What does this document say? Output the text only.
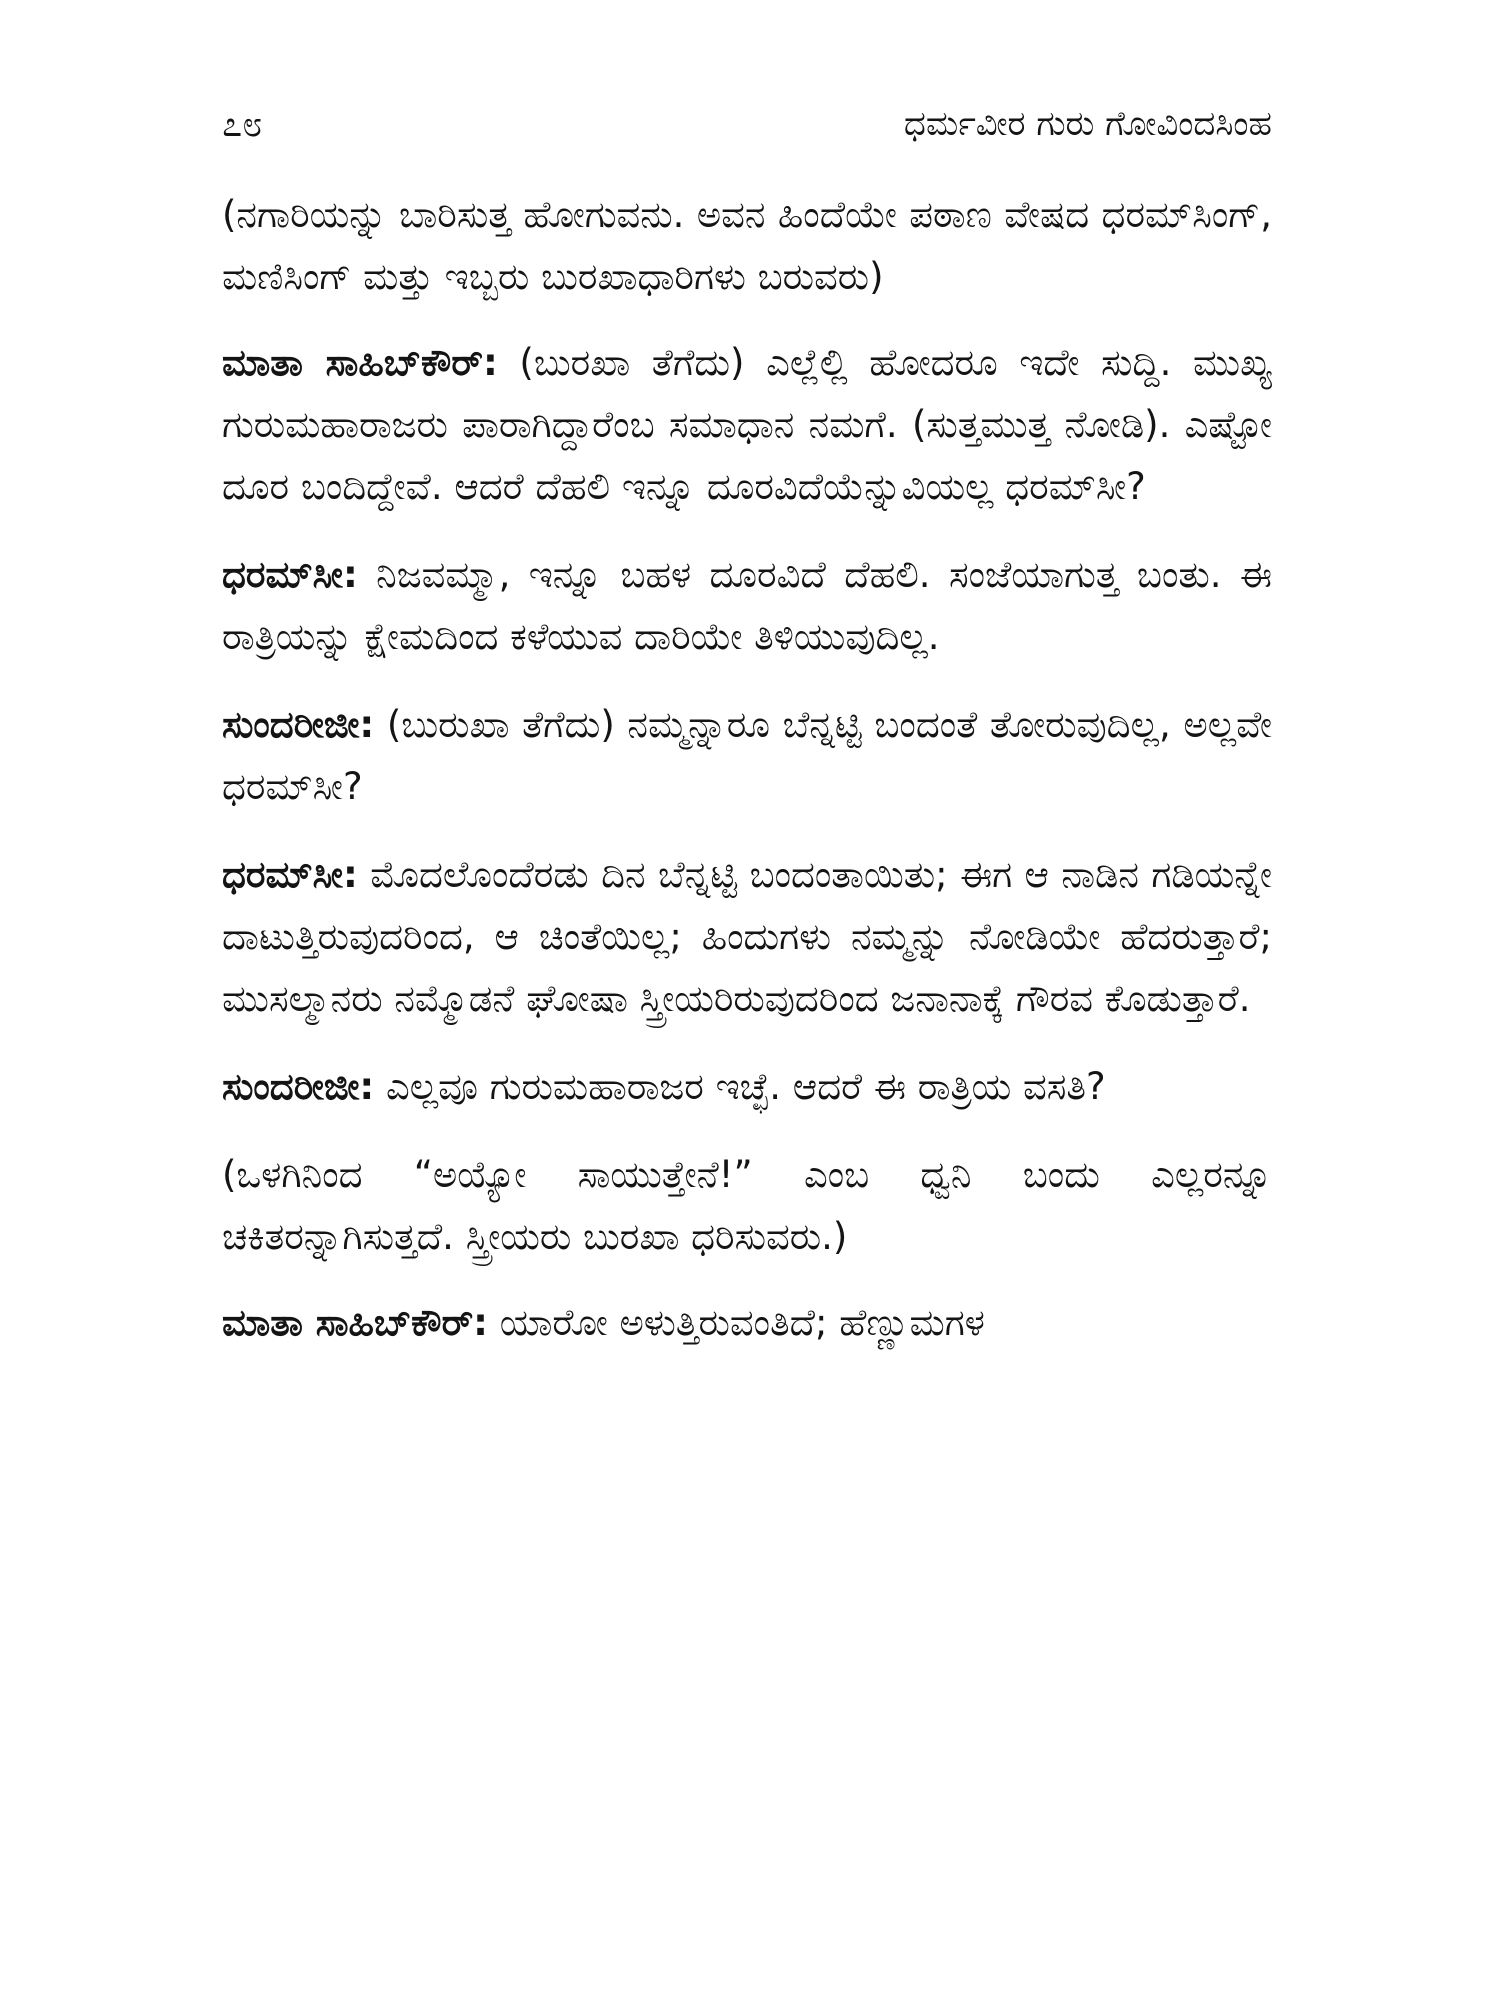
೭೮	ಧರ್ಮವೀರ ಗುರು ಗೋವಿಂದಸಿಂಹ

(ನಗಾರಿಯನ್ನು ಬಾರಿಸುತ್ತ ಹೋಗುವನು. ಅವನ ಹಿಂದೆಯೇ ಪಠಾಣ ವೇಷದ ಧರಮ್‌ಸಿಂಗ್, ಮಣಿಸಿಂಗ್ ಮತ್ತು ಇಬ್ಬರು ಬುರಖಾಧಾರಿಗಳು ಬರುವರು)

ಮಾತಾ ಸಾಹಿಬ್‌ಕೌರ್: (ಬುರಖಾ ತೆಗೆದು) ಎಲ್ಲೆಲ್ಲಿ ಹೋದರೂ ಇದೇ ಸುದ್ದಿ. ಮುಖ್ಯ ಗುರುಮಹಾರಾಜರು ಪಾರಾಗಿದ್ದಾರೆಂಬ ಸಮಾಧಾನ ನಮಗೆ. (ಸುತ್ತಮುತ್ತ ನೋಡಿ). ಎಷ್ಟೋ ದೂರ ಬಂದಿದ್ದೇವೆ. ಆದರೆ ದೆಹಲಿ ಇನ್ನೂ ದೂರವಿದೆಯೆನ್ನುವಿಯಲ್ಲ ಧರಮ್‌ಸೀ?

ಧರಮ್‌ಸೀ: ನಿಜವಮ್ಮಾ, ಇನ್ನೂ ಬಹಳ ದೂರವಿದೆ ದೆಹಲಿ. ಸಂಜೆಯಾಗುತ್ತ ಬಂತು. ಈ ರಾತ್ರಿಯನ್ನು ಕ್ಷೇಮದಿಂದ ಕಳೆಯುವ ದಾರಿಯೇ ತಿಳಿಯುವುದಿಲ್ಲ.

ಸುಂದರೀಜೀ: (ಬುರುಖಾ ತೆಗೆದು) ನಮ್ಮನ್ನಾರೂ ಬೆನ್ನಟ್ಟಿ ಬಂದಂತೆ ತೋರುವುದಿಲ್ಲ, ಅಲ್ಲವೇ ಧರಮ್‌ಸೀ?

ಧರಮ್‌ಸೀ: ಮೊದಲೊಂದೆರಡು ದಿನ ಬೆನ್ನಟ್ಟಿ ಬಂದಂತಾಯಿತು; ಈಗ ಆ ನಾಡಿನ ಗಡಿಯನ್ನೇ ದಾಟುತ್ತಿರುವುದರಿಂದ, ಆ ಚಿಂತೆಯಿಲ್ಲ; ಹಿಂದುಗಳು ನಮ್ಮನ್ನು ನೋಡಿಯೇ ಹೆದರುತ್ತಾರೆ; ಮುಸಲ್ಮಾನರು ನಮ್ಮೊಡನೆ ಘೋಷಾ ಸ್ತ್ರೀಯರಿರುವುದರಿಂದ ಜನಾನಾಕ್ಕೆ ಗೌರವ ಕೊಡುತ್ತಾರೆ.

ಸುಂದರೀಜೀ: ಎಲ್ಲವೂ ಗುರುಮಹಾರಾಜರ ಇಚ್ಛೆ. ಆದರೆ ಈ ರಾತ್ರಿಯ ವಸತಿ?

(ಒಳಗಿನಿಂದ “ಅಯ್ಯೋ ಸಾಯುತ್ತೇನೆ!” ಎಂಬ ಧ್ವನಿ ಬಂದು ಎಲ್ಲರನ್ನೂ ಚಕಿತರನ್ನಾಗಿಸುತ್ತದೆ. ಸ್ತ್ರೀಯರು ಬುರಖಾ ಧರಿಸುವರು.)

ಮಾತಾ ಸಾಹಿಬ್‌ಕೌರ್: ಯಾರೋ ಅಳುತ್ತಿರುವಂತಿದೆ; ಹೆಣ್ಣುಮಗಳ
